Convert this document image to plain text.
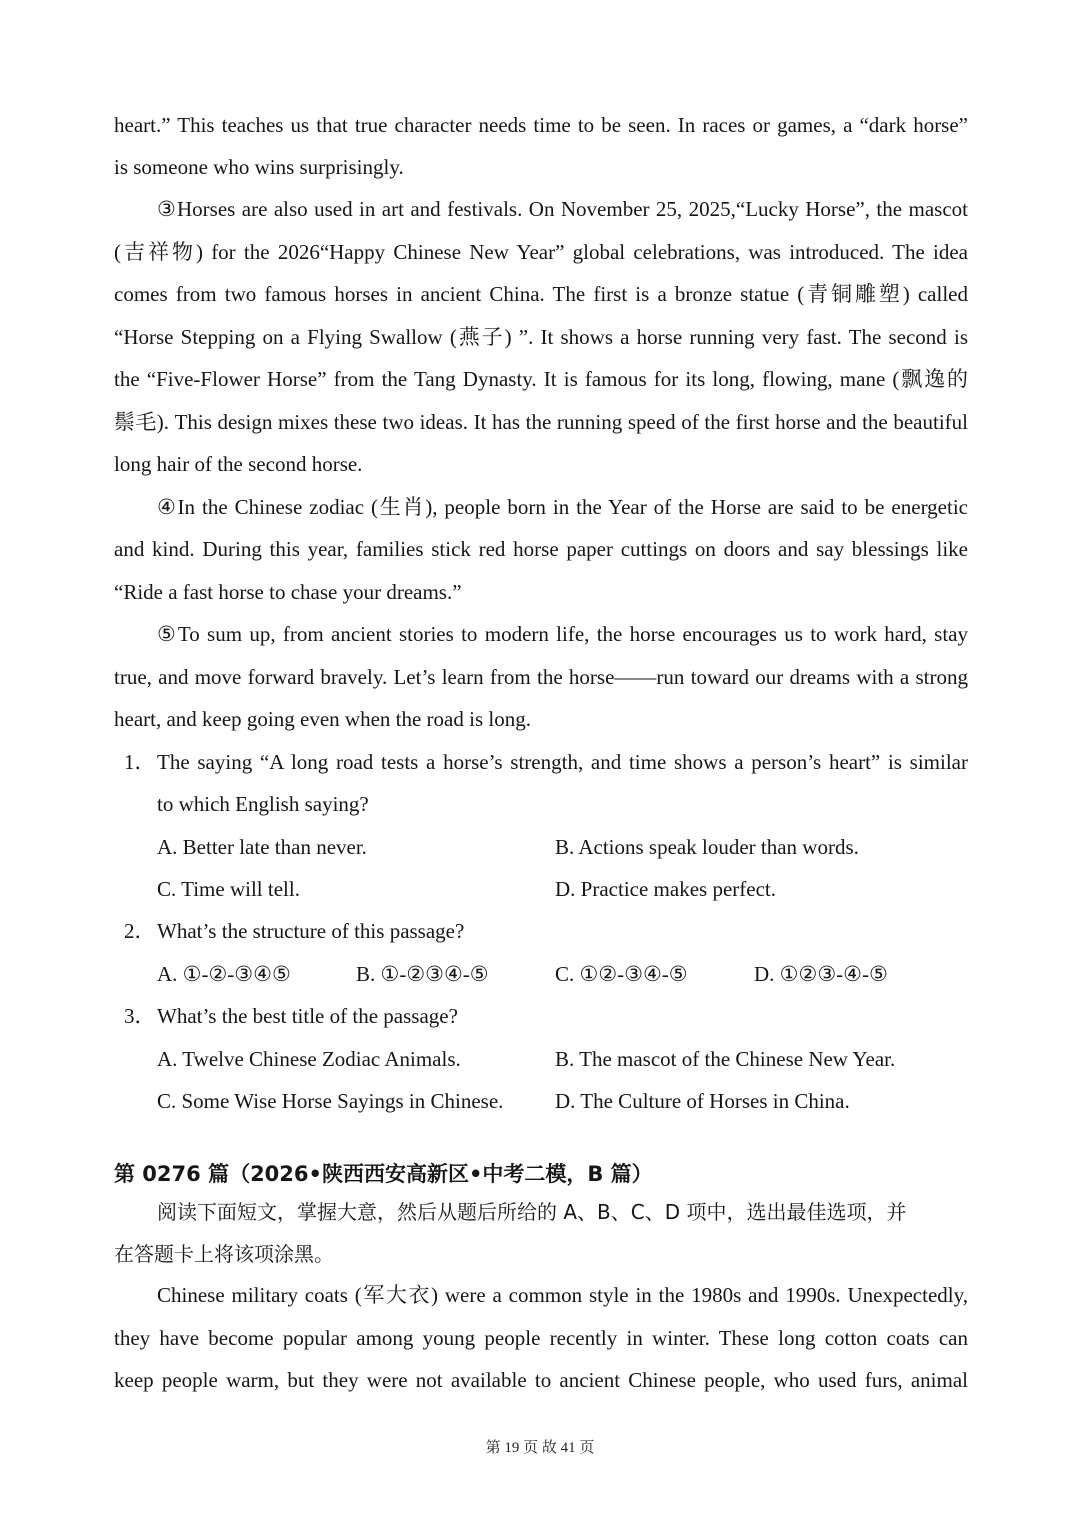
heart.” This teaches us that true character needs time to be seen. In races or games, a “dark horse”
is someone who wins surprisingly.
③Horses are also used in art and festivals. On November 25, 2025,“Lucky Horse”, the mascot
(吉祥物) for the 2026“Happy Chinese New Year” global celebrations, was introduced. The idea
comes from two famous horses in ancient China. The first is a bronze statue (青铜雕塑) called
“Horse Stepping on a Flying Swallow (燕子) ”. It shows a horse running very fast. The second is
the “Five-Flower Horse” from the Tang Dynasty. It is famous for its long, flowing, mane (飘逸的
鬃毛). This design mixes these two ideas. It has the running speed of the first horse and the beautiful
long hair of the second horse.
④In the Chinese zodiac (生肖), people born in the Year of the Horse are said to be energetic
and kind. During this year, families stick red horse paper cuttings on doors and say blessings like
“Ride a fast horse to chase your dreams.”
⑤To sum up, from ancient stories to modern life, the horse encourages us to work hard, stay
true, and move forward bravely. Let’s learn from the horse——run toward our dreams with a strong
heart, and keep going even when the road is long.
1． The saying “A long road tests a horse’s strength, and time shows a person’s heart” is similar
to which English saying?
A. Better late than never.	B. Actions speak louder than words.
C. Time will tell.	D. Practice makes perfect.
2． What’s the structure of this passage?
A. ①-②-③④⑤	B. ①-②③④-⑤	C. ①②-③④-⑤	D. ①②③-④-⑤
3． What’s the best title of the passage?
A. Twelve Chinese Zodiac Animals.	B. The mascot of the Chinese New Year.
C. Some Wise Horse Sayings in Chinese. D. The Culture of Horses in China.
第 0276 篇（2026•陕西西安高新区•中考二模，B 篇）
阅读下面短文，掌握大意，然后从题后所给的 A、B、C、D 项中，选出最佳选项，并
在答题卡上将该项涂黑。
Chinese military coats (军大衣) were a common style in the 1980s and 1990s. Unexpectedly,
they have become popular among young people recently in winter. These long cotton coats can
keep people warm, but they were not available to ancient Chinese people, who used furs, animal
第 19 页 故 41 页
